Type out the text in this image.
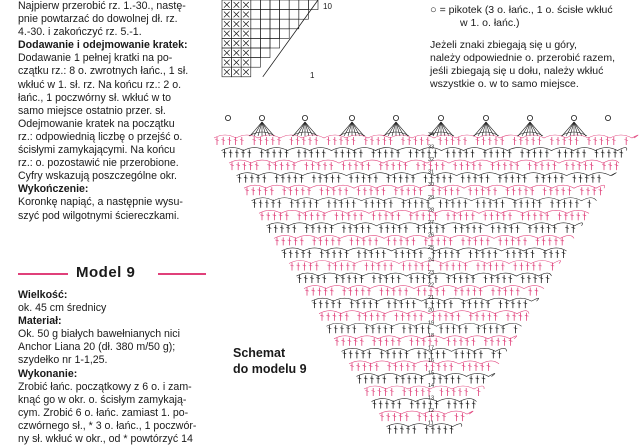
Najpierw przerobić rz. 1.-30., nastę-

pnie powtarzać do dowolnej dł. rz.

4.-30. i zakończyć rz. 5.-1.

Dodawanie i odejmowanie kratek:

Dodawanie 1 pełnej kratki na po-

czątku rz.: 8 o. zwrotnych łańc., 1 sł.

wkłuć w 1. sł. rz. Na końcu rz.: 2 o.

łańc., 1 poczwórny sł. wkłuć w to

samo miejsce ostatnio przer. sł.

Odejmowanie kratek na początku

rz.: odpowiednią liczbę o przejść o.

ścisłymi zamykającymi. Na końcu

rz.: o. pozostawić nie przerobione.

Cyfry wskazują poszczególne okr.

Wykończenie:

Koronkę napiąć, a następnie wysu-

szyć pod wilgotnymi ściereczkami.

Model 9

Wielkość:

ok. 45 cm średnicy

Materiał:

Ok. 50 g białych bawełnianych nici

Anchor Liana 20 (dł. 380 m/50 g);

szydełko nr 1-1,25.

Wykonanie:

Zrobić łańc. początkowy z 6 o. i zam-

knąć go w okr. o. ścisłym zamykają-

cym. Zrobić 6 o. łańc. zamiast 1. po-

czwórnego sł., * 3 o. łańc., 1 poczwór-

ny sł. wkłuć w okr., od * powtórzyć 14

○ = pikotek (3 o. łańc., 1 o. ścisłe wkłuć

w 1. o. łańc.)

Jeżeli znaki zbiegają się u góry,

należy odpowiednie o. przerobić razem,

jeśli zbiegają się u dołu, należy wkłuć

wszystkie o. w to samo miejsce.

Schemat
do modelu 9
10
1
34
33
32
31
30
29
28
27
26
25
24
23
22
21
20
19
18
17
16
15
14
13
12
11
